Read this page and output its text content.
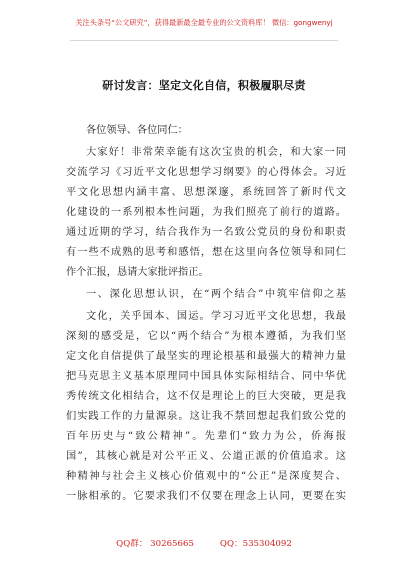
关注头条号“公文研究”，获得最新最全最专业的公文资料库！ 微信：gongwenyj
研讨发言：坚定文化自信，积极履职尽责
各位领导、各位同仁：
大家好！非常荣幸能有这次宝贵的机会，和大家一同
交流学习《习近平文化思想学习纲要》的心得体会。习近
平文化思想内涵丰富、思想深邃，系统回答了新时代文
化建设的一系列根本性问题，为我们照亮了前行的道路。
通过近期的学习，结合我作为一名致公党员的身份和职责
有一些不成熟的思考和感悟，想在这里向各位领导和同仁
作个汇报，恳请大家批评指正。
一、深化思想认识，在“两个结合”中筑牢信仰之基
文化，关乎国本、国运。学习习近平文化思想，我最
深刻的感受是，它以“两个结合”为根本遵循，为我们坚
定文化自信提供了最坚实的理论根基和最强大的精神力量
把马克思主义基本原理同中国具体实际相结合、同中华优
秀传统文化相结合，这不仅是理论上的巨大突破，更是我
们实践工作的力量源泉。这让我不禁回想起我们致公党的
百年历史与“致公精神”。先辈们“致力为公，侨海报
国”，其核心就是对公平正义、公道正派的价值追求。这
种精神与社会主义核心价值观中的“公正”是深度契合、
一脉相承的。它要求我们不仅要在理念上认同，更要在实
QQ群： 30265665	QQ：535304092
